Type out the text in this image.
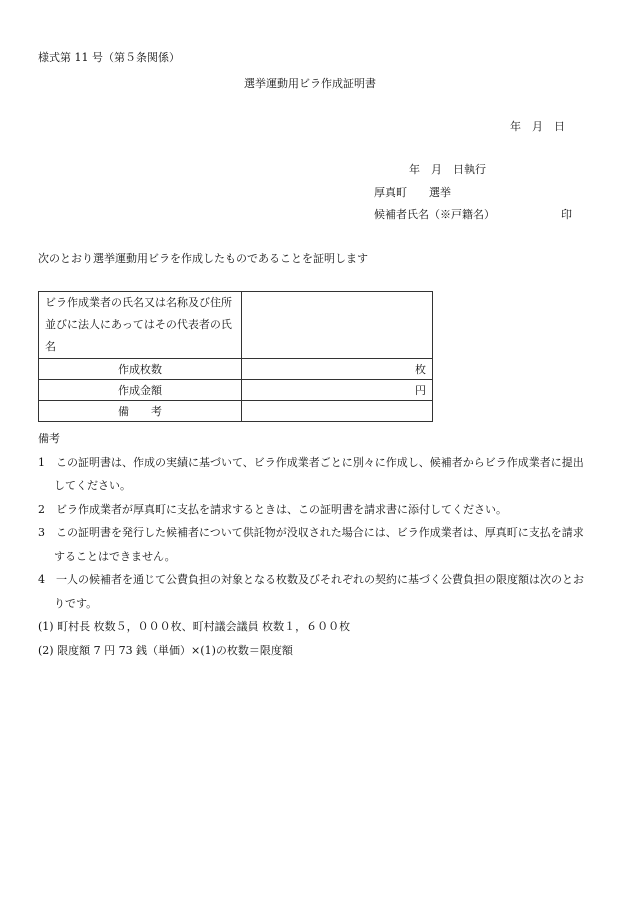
様式第 11 号（第５条関係）
選挙運動用ビラ作成証明書
年　月　日
年　月　日執行
厚真町　　選挙
候補者氏名（※戸籍名）	印
次のとおり選挙運動用ビラを作成したものであることを証明します
ビラ作成業者の氏名又は名称及び住所並びに法人にあってはその代表者の氏名	
作成枚数	枚
作成金額	円
備　　考	

備考

1　この証明書は、作成の実績に基づいて、ビラ作成業者ごとに別々に作成し、候補者からビラ作成業者に提出してください。

2　ビラ作成業者が厚真町に支払を請求するときは、この証明書を請求書に添付してください。

3　この証明書を発行した候補者について供託物が没収された場合には、ビラ作成業者は、厚真町に支払を請求することはできません。

4　一人の候補者を通じて公費負担の対象となる枚数及びそれぞれの契約に基づく公費負担の限度額は次のとおりです。

(1) 町村長 枚数５，０００枚、町村議会議員 枚数１，６００枚

(2) 限度額 7 円 73 銭（単価）×(1)の枚数＝限度額
